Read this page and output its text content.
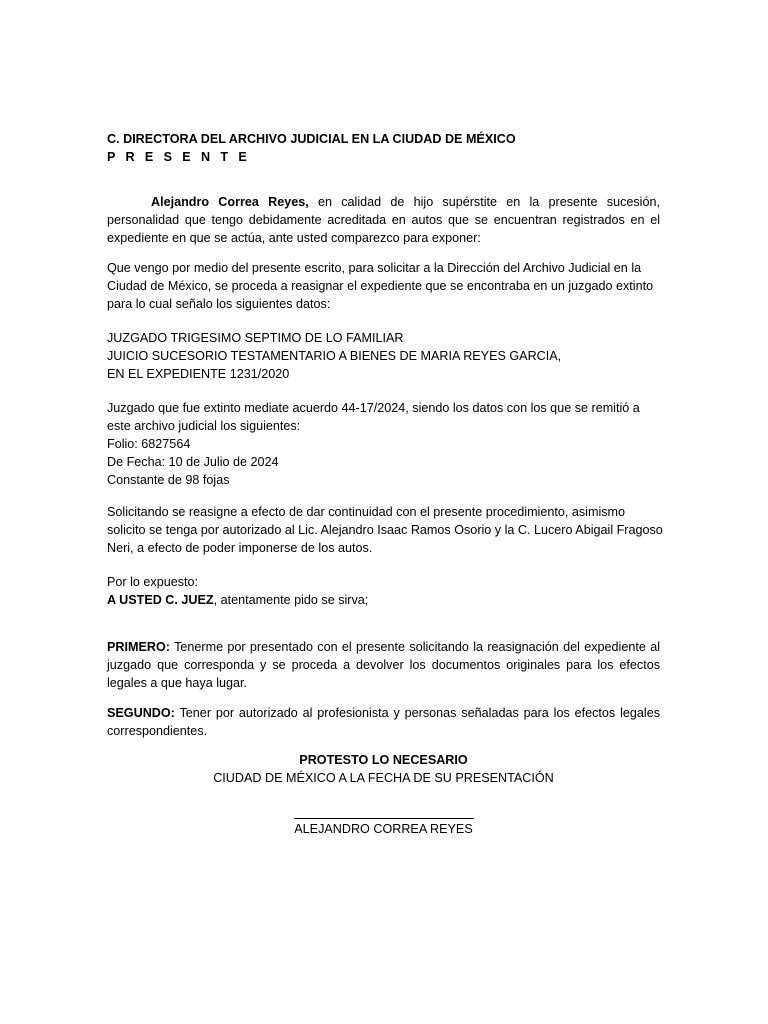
C. DIRECTORA DEL ARCHIVO JUDICIAL EN LA CIUDAD DE MÉXICO
P R E S E N T E

Alejandro Correa Reyes, en calidad de hijo supérstite en la presente sucesión, personalidad que tengo debidamente acreditada en autos que se encuentran registrados en el expediente en que se actúa, ante usted comparezco para exponer:

Que vengo por medio del presente escrito, para solicitar a la Dirección del Archivo Judicial en la
Ciudad de México, se proceda a reasignar el expediente que se encontraba en un juzgado extinto
para lo cual señalo los siguientes datos:

JUZGADO TRIGESIMO SEPTIMO DE LO FAMILIAR
JUICIO SUCESORIO TESTAMENTARIO A BIENES DE MARIA REYES GARCIA,
EN EL EXPEDIENTE 1231/2020

Juzgado que fue extinto mediate acuerdo 44-17/2024, siendo los datos con los que se remitió a
este archivo judicial los siguientes:
Folio: 6827564
De Fecha: 10 de Julio de 2024
Constante de 98 fojas

Solicitando se reasigne a efecto de dar continuidad con el presente procedimiento, asimismo
solicito se tenga por autorizado al Lic. Alejandro Isaac Ramos Osorio y la C. Lucero Abigail Fragoso
Neri, a efecto de poder imponerse de los autos.

Por lo expuesto:
A USTED C. JUEZ, atentamente pido se sirva;

PRIMERO: Tenerme por presentado con el presente solicitando la reasignación del expediente al juzgado que corresponda y se proceda a devolver los documentos originales para los efectos legales a que haya lugar.

SEGUNDO: Tener por autorizado al profesionista y personas señaladas para los efectos legales correspondientes.

PROTESTO LO NECESARIO
CIUDAD DE MÉXICO A LA FECHA DE SU PRESENTACIÓN

ALEJANDRO CORREA REYES
